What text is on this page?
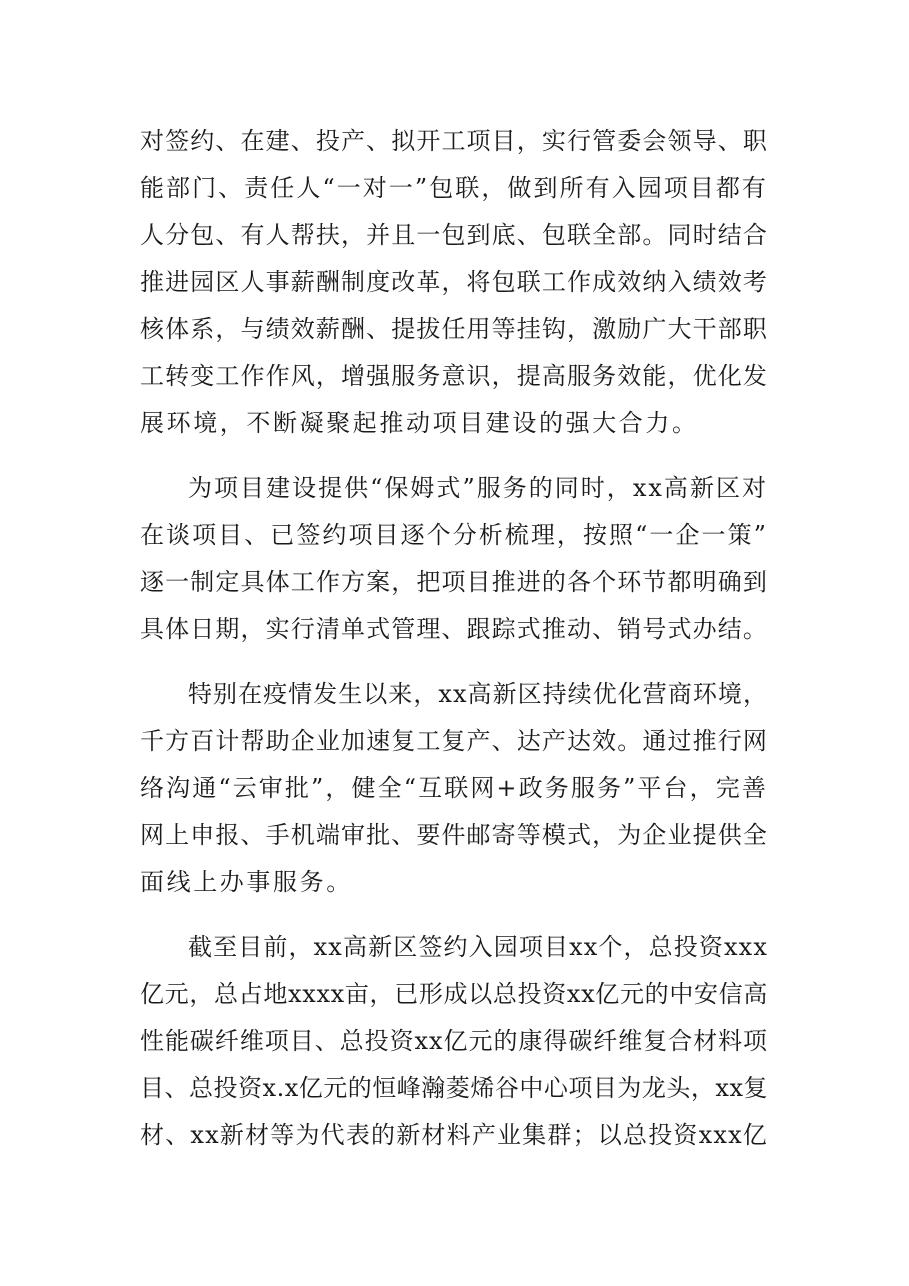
对签约、在建、投产、拟开工项目，实行管委会领导、职
能部门、责任人“一对一”包联，做到所有入园项目都有
人分包、有人帮扶，并且一包到底、包联全部。同时结合
推进园区人事薪酬制度改革，将包联工作成效纳入绩效考
核体系，与绩效薪酬、提拔任用等挂钩，激励广大干部职
工转变工作作风，增强服务意识，提高服务效能，优化发
展环境，不断凝聚起推动项目建设的强大合力。
为项目建设提供“保姆式”服务的同时，xx高新区对
在谈项目、已签约项目逐个分析梳理，按照“一企一策”
逐一制定具体工作方案，把项目推进的各个环节都明确到
具体日期，实行清单式管理、跟踪式推动、销号式办结。
特别在疫情发生以来，xx高新区持续优化营商环境，
千方百计帮助企业加速复工复产、达产达效。通过推行网
络沟通“云审批”，健全“互联网+政务服务”平台，完善
网上申报、手机端审批、要件邮寄等模式，为企业提供全
面线上办事服务。
截至目前，xx高新区签约入园项目xx个，总投资xxx
亿元，总占地xxxx亩，已形成以总投资xx亿元的中安信高
性能碳纤维项目、总投资xx亿元的康得碳纤维复合材料项
目、总投资x.x亿元的恒峰瀚菱烯谷中心项目为龙头，xx复
材、xx新材等为代表的新材料产业集群；以总投资xxx亿
